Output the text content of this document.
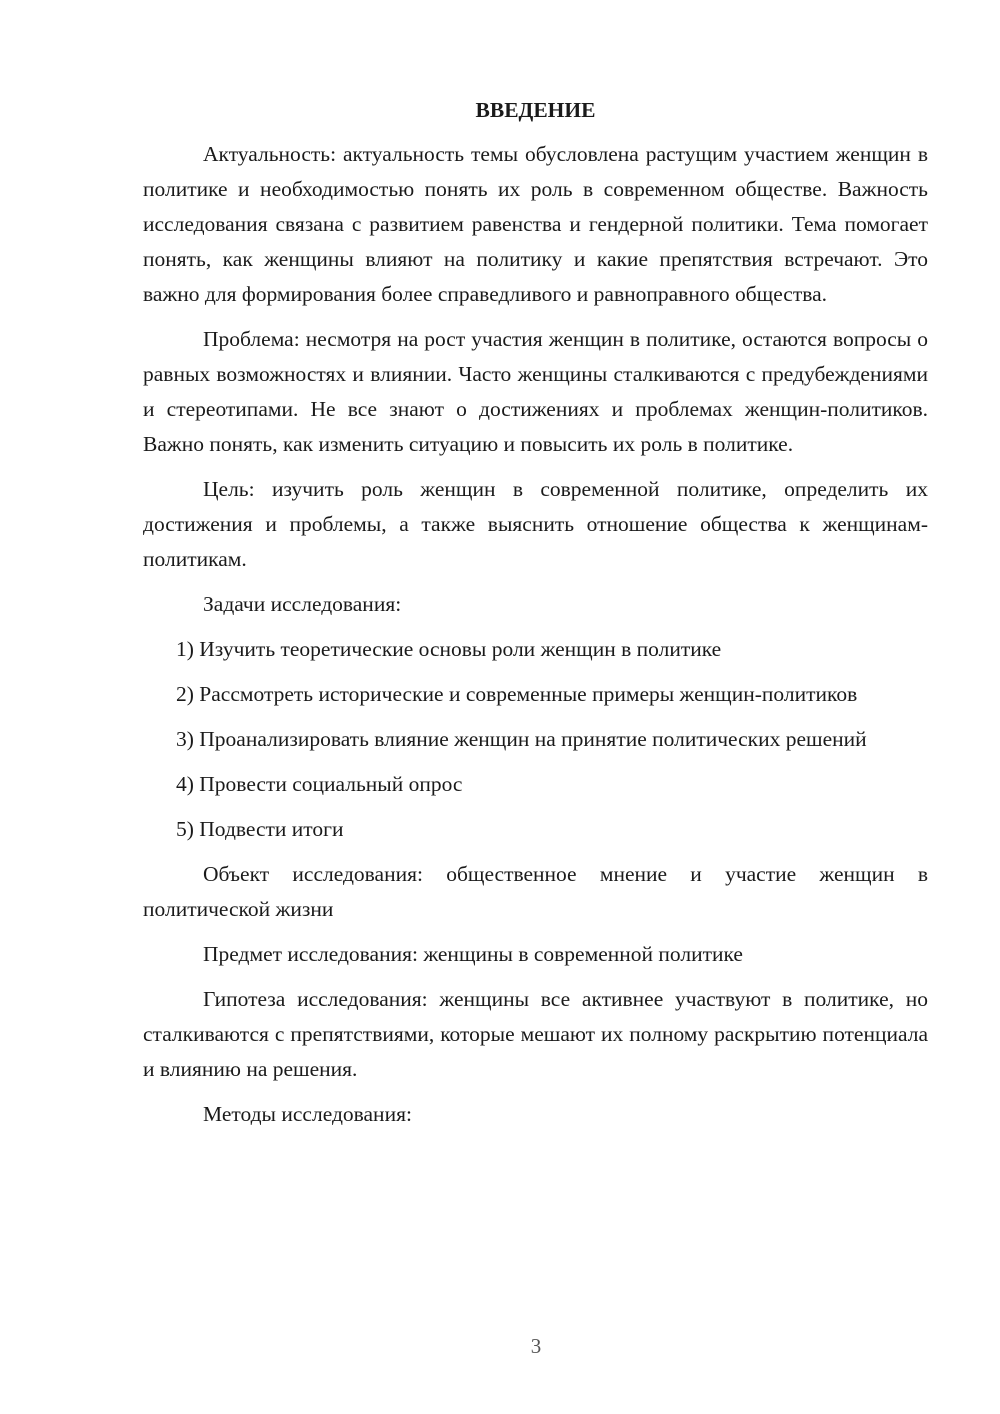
ВВЕДЕНИЕ

Актуальность: актуальность темы обусловлена растущим участием женщин в политике и необходимостью понять их роль в современном обществе. Важность исследования связана с развитием равенства и гендерной политики. Тема помогает понять, как женщины влияют на политику и какие препятствия встречают. Это важно для формирования более справедливого и равноправного общества.

Проблема: несмотря на рост участия женщин в политике, остаются вопросы о равных возможностях и влиянии. Часто женщины сталкиваются с предубеждениями и стереотипами. Не все знают о достижениях и проблемах женщин-политиков. Важно понять, как изменить ситуацию и повысить их роль в политике.

Цель: изучить роль женщин в современной политике, определить их достижения и проблемы, а также выяснить отношение общества к женщинам-политикам.

Задачи исследования:

1) Изучить теоретические основы роли женщин в политике

2) Рассмотреть исторические и современные примеры женщин-политиков

3) Проанализировать влияние женщин на принятие политических решений

4) Провести социальный опрос

5) Подвести итоги

Объект исследования: общественное мнение и участие женщин в политической жизни

Предмет исследования: женщины в современной политике

Гипотеза исследования: женщины все активнее участвуют в политике, но сталкиваются с препятствиями, которые мешают их полному раскрытию потенциала и влиянию на решения.

Методы исследования:

3
